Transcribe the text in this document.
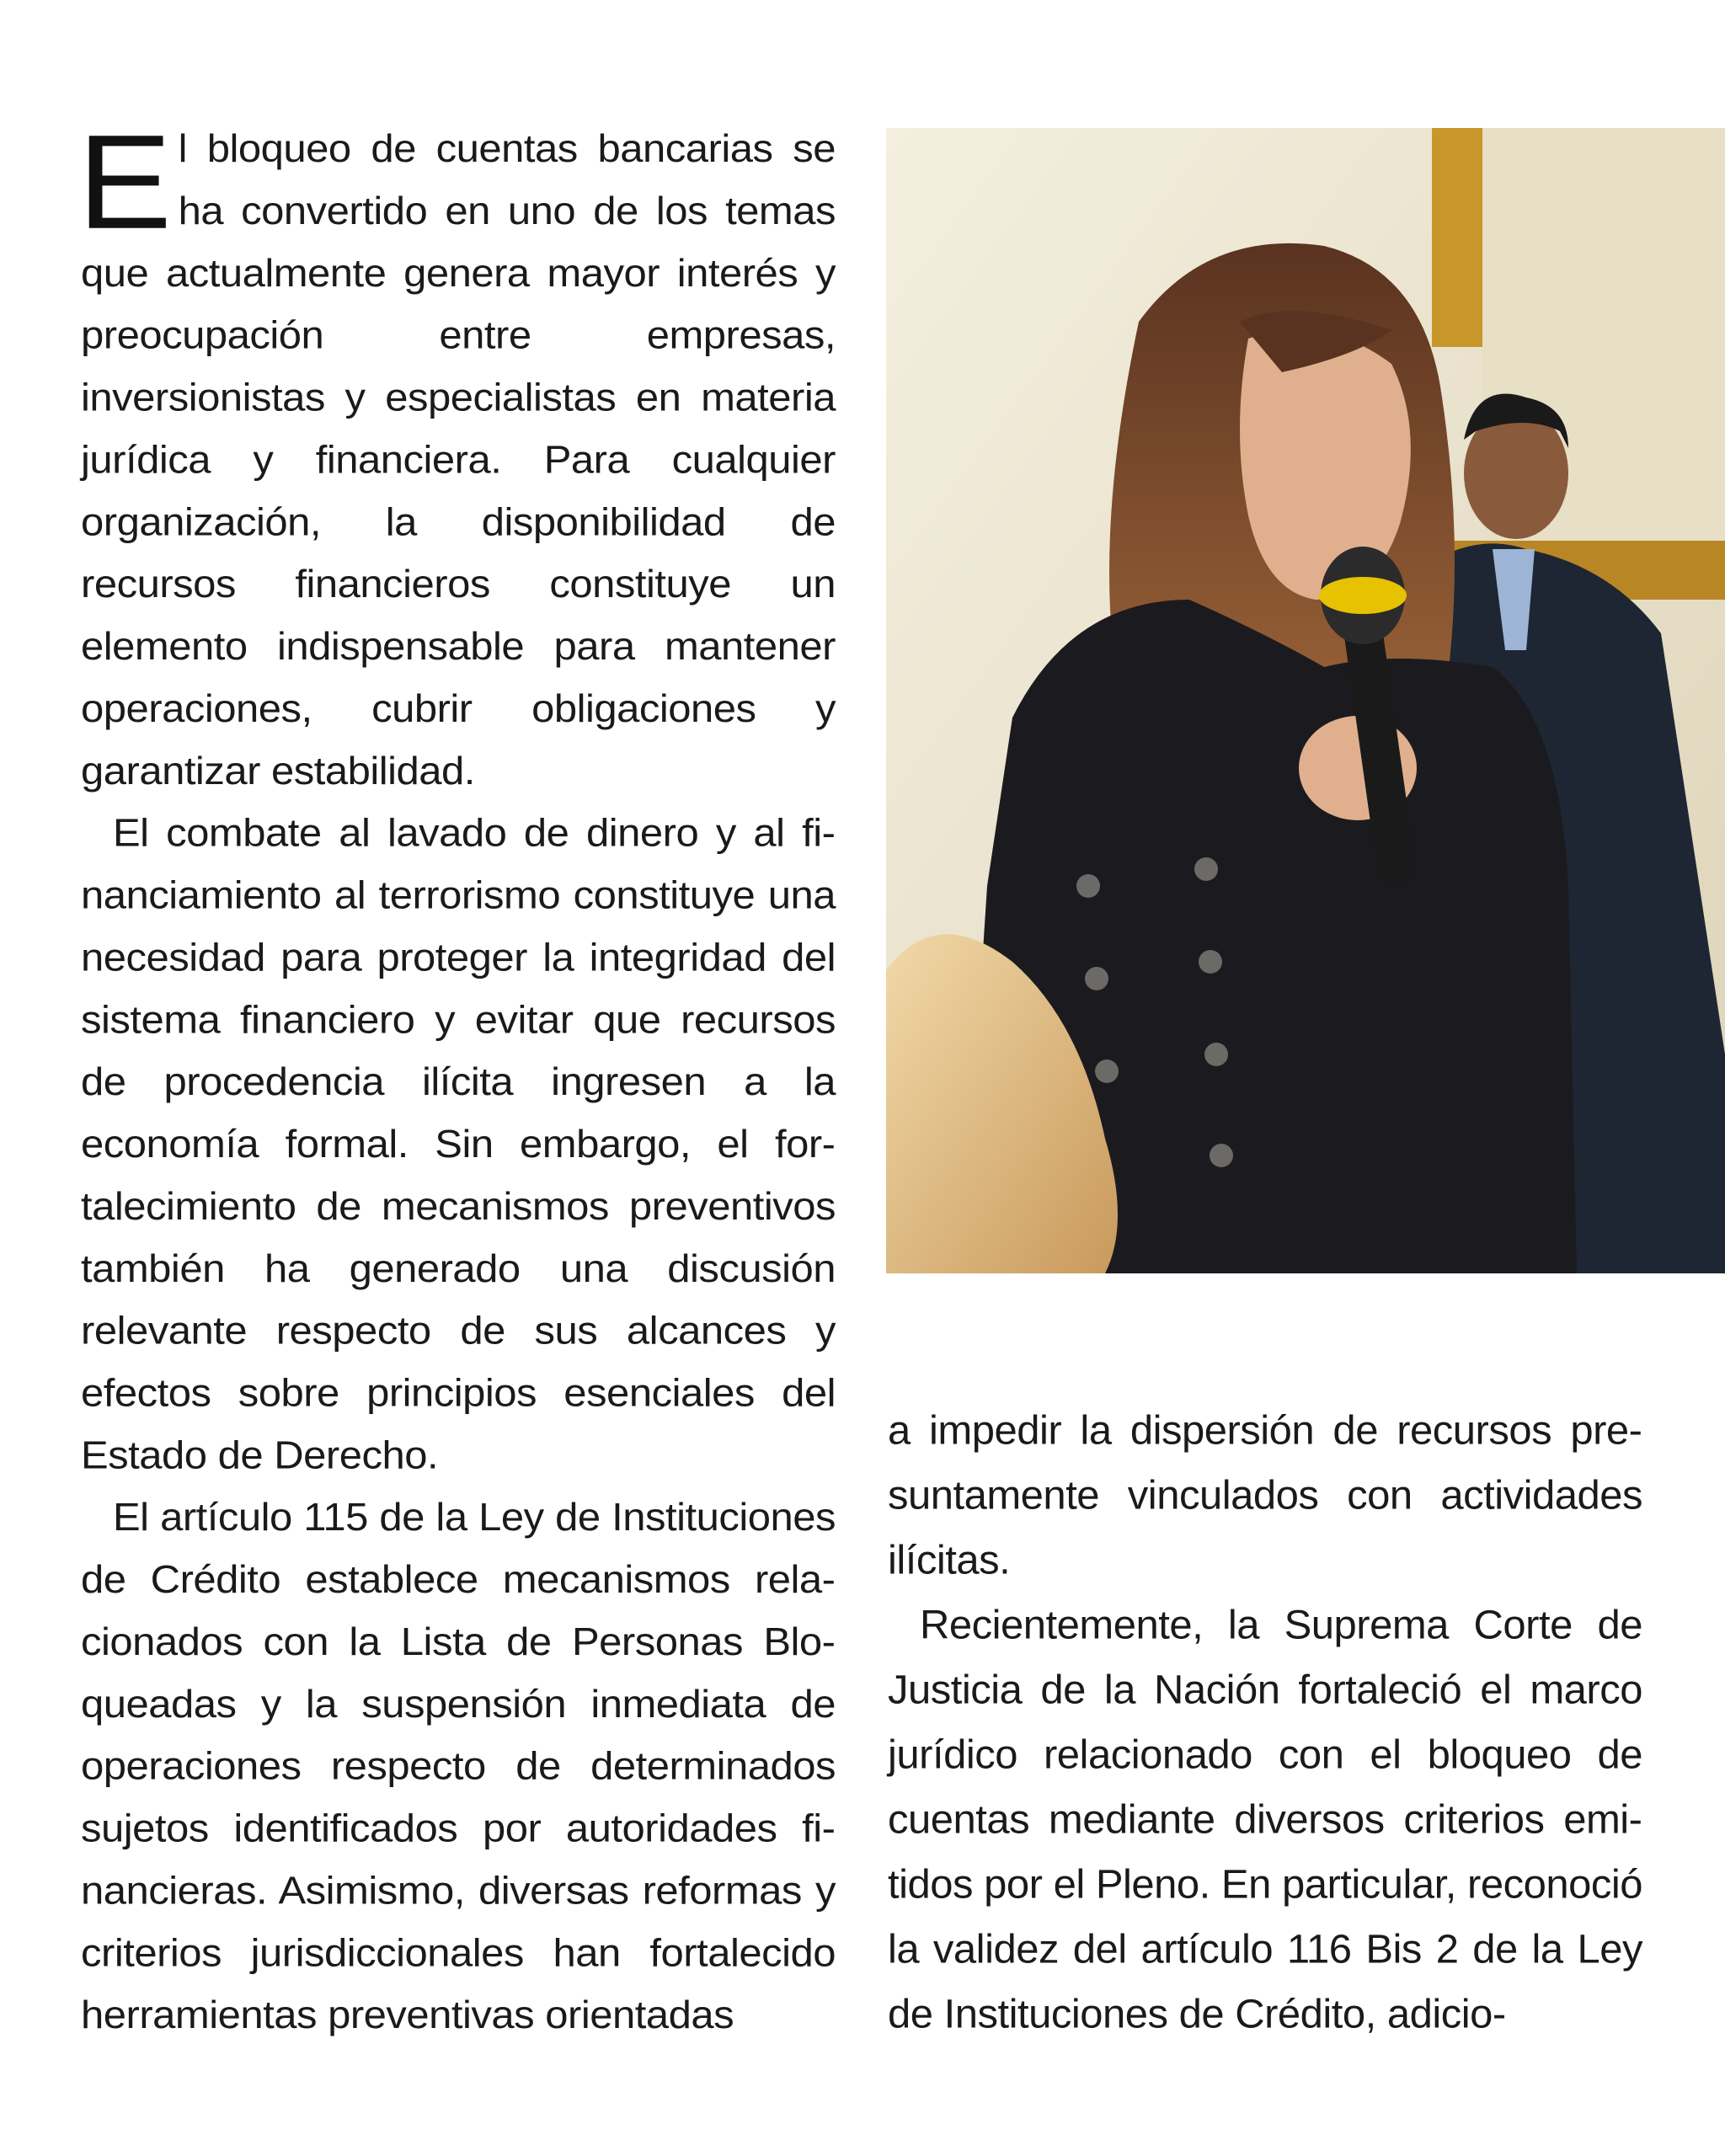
El bloqueo de cuentas bancarias se ha convertido en uno de los temas que actualmente genera mayor interés y preocupación entre empresas, inversionistas y especialistas en materia jurídica y financiera. Para cualquier organización, la disponibilidad de recursos financieros constituye un elemento indispensable para mantener operaciones, cubrir obligaciones y garantizar estabilidad.

El combate al lavado de dinero y al financiamiento al terrorismo constituye una necesidad para proteger la integridad del sistema financiero y evitar que recursos de procedencia ilícita ingresen a la economía formal. Sin embargo, el fortalecimiento de mecanismos preventivos también ha generado una discusión relevante respecto de sus alcances y efectos sobre principios esenciales del Estado de Derecho.

El artículo 115 de la Ley de Instituciones de Crédito establece mecanismos relacionados con la Lista de Personas Bloqueadas y la suspensión inmediata de operaciones respecto de determinados sujetos identificados por autoridades financieras. Asimismo, diversas reformas y criterios jurisdiccionales han fortalecido herramientas preventivas orientadas

a impedir la dispersión de recursos presuntamente vinculados con actividades ilícitas.

Recientemente, la Suprema Corte de Justicia de la Nación fortaleció el marco jurídico relacionado con el bloqueo de cuentas mediante diversos criterios emitidos por el Pleno. En particular, reconoció la validez del artículo 116 Bis 2 de la Ley de Instituciones de Crédito, adicio-
